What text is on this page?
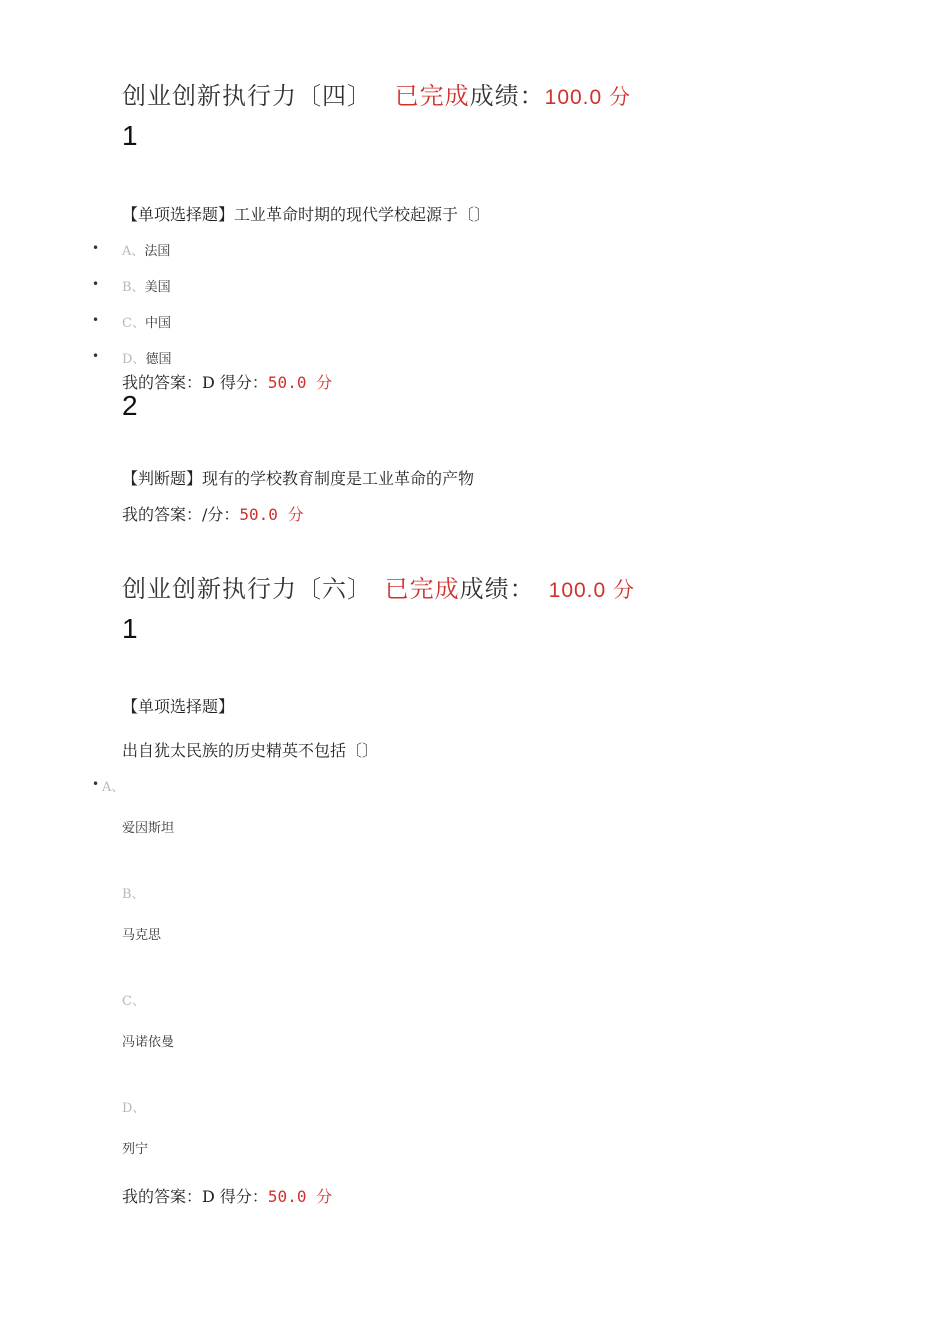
创业创新执行力〔四〕 已完成成绩：100.0 分
1
【单项选择题】工业革命时期的现代学校起源于〔〕
• A、法国
• B、美国
• C、中国
• D、德国
我的答案：D 得分：50.0 分
2
【判断题】现有的学校教育制度是工业革命的产物
我的答案：/分：50.0 分
创业创新执行力〔六〕 已完成成绩： 100.0 分
1
【单项选择题】
出自犹太民族的历史精英不包括〔〕
• A、
爱因斯坦
B、
马克思
C、
冯诺依曼
D、
列宁
我的答案：D 得分：50.0 分
